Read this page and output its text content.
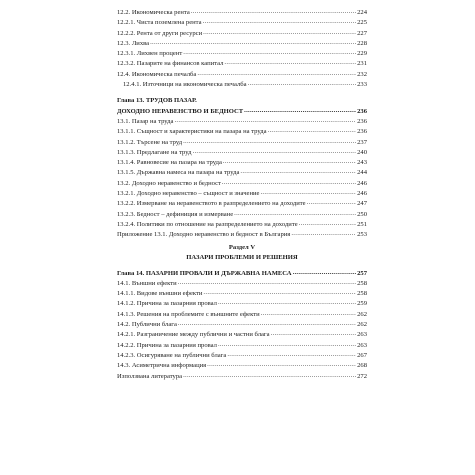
12.2. Икономическа рента .....	224
12.2.1. Чиста поземлена рента .....	225
12.2.2. Рента от други ресурси .....	227
12.3. Лихва .....	228
12.3.1. Лихвен процент .....	229
12.3.2. Пазарите на финансов капитал .....	231
12.4. Икономическа печалба .....	232
12.4.1. Източници на икономическа печалба .....	233
Глава 13. ТРУДОВ ПАЗАР.
ДОХОДНО НЕРАВЕНСТВО И БЕДНОСТ .....	236
13.1. Пазар на труда .....	236
13.1.1. Същност и характеристики на пазара на труда .....	236
13.1.2. Търсене на труд .....	237
13.1.3. Предлагане на труд .....	240
13.1.4. Равновесие на пазара на труда .....	243
13.1.5. Държавна намеса на пазара на труда .....	244
13.2. Доходно неравенство и бедност .....	246
13.2.1. Доходно неравенство – същност и значение .....	246
13.2.2. Измерване на неравенството в разпределението на доходите .....	247
13.2.3. Бедност – дефиниция и измерване .....	250
13.2.4. Политики по отношение на разпределението на доходите .....	251
Приложение 13.1. Доходно неравенство и бедност в България .....	253
Раздел V
ПАЗАРИ ПРОБЛЕМИ И РЕШЕНИЯ
Глава 14. ПАЗАРНИ ПРОВАЛИ И ДЪРЖАВНА НАМЕСА .....	257
14.1. Външни ефекти .....	258
14.1.1. Видове външни ефекти .....	258
14.1.2. Причина за пазарния провал .....	259
14.1.3. Решения на проблемите с външните ефекти .....	262
14.2. Публични блага .....	262
14.2.1. Разграничение между публични и частни блага .....	263
14.2.2. Причина за пазарния провал .....	263
14.2.3. Осигуряване на публични блага .....	267
14.3. Асиметрична информация .....	268
Използвана литература .....	272
